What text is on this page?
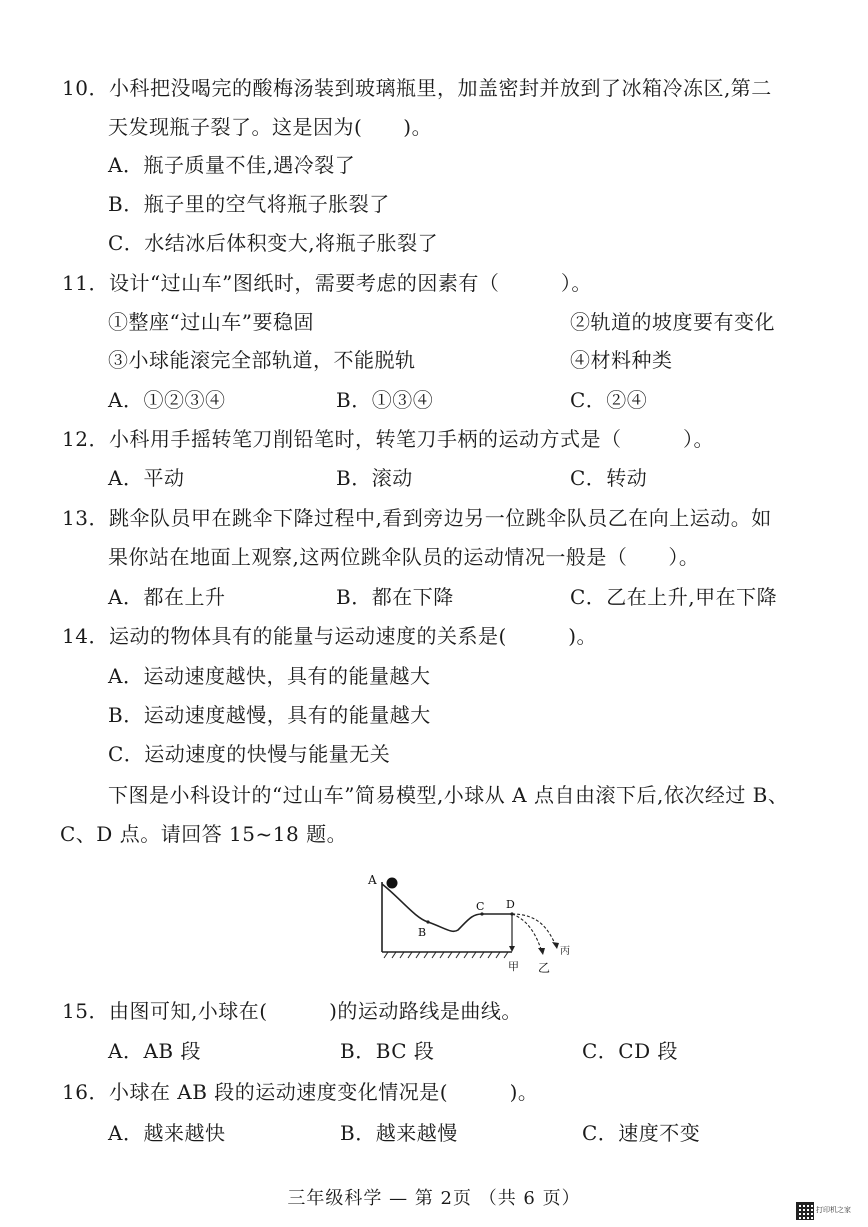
10．小科把没喝完的酸梅汤装到玻璃瓶里，加盖密封并放到了冰箱冷冻区,第二
天发现瓶子裂了。这是因为(　　)。
A．瓶子质量不佳,遇冷裂了
B．瓶子里的空气将瓶子胀裂了
C．水结冰后体积变大,将瓶子胀裂了
11．设计“过山车”图纸时，需要考虑的因素有（　　　）。
①整座“过山车”要稳固	②轨道的坡度要有变化
③小球能滚完全部轨道，不能脱轨	④材料种类
A．①②③④	B．①③④	C．②④
12．小科用手摇转笔刀削铅笔时，转笔刀手柄的运动方式是（　　　）。
A．平动	B．滚动	C．转动
13．跳伞队员甲在跳伞下降过程中,看到旁边另一位跳伞队员乙在向上运动。如
果你站在地面上观察,这两位跳伞队员的运动情况一般是（　　）。
A．都在上升	B．都在下降	C．乙在上升,甲在下降
14．运动的物体具有的能量与运动速度的关系是(　　　)。
A．运动速度越快，具有的能量越大
B．运动速度越慢，具有的能量越大
C．运动速度的快慢与能量无关
下图是小科设计的“过山车”简易模型,小球从 A 点自由滚下后,依次经过 B、
C、D 点。请回答 15~18 题。
A
B
C D
甲 乙
丙
15．由图可知,小球在(　　　)的运动路线是曲线。
A．AB 段	B．BC 段	C．CD 段
16．小球在 AB 段的运动速度变化情况是(　　　)。
A．越来越快	B．越来越慢	C．速度不变
三年级科学 — 第 2页 （共 6 页）
打印机之家
